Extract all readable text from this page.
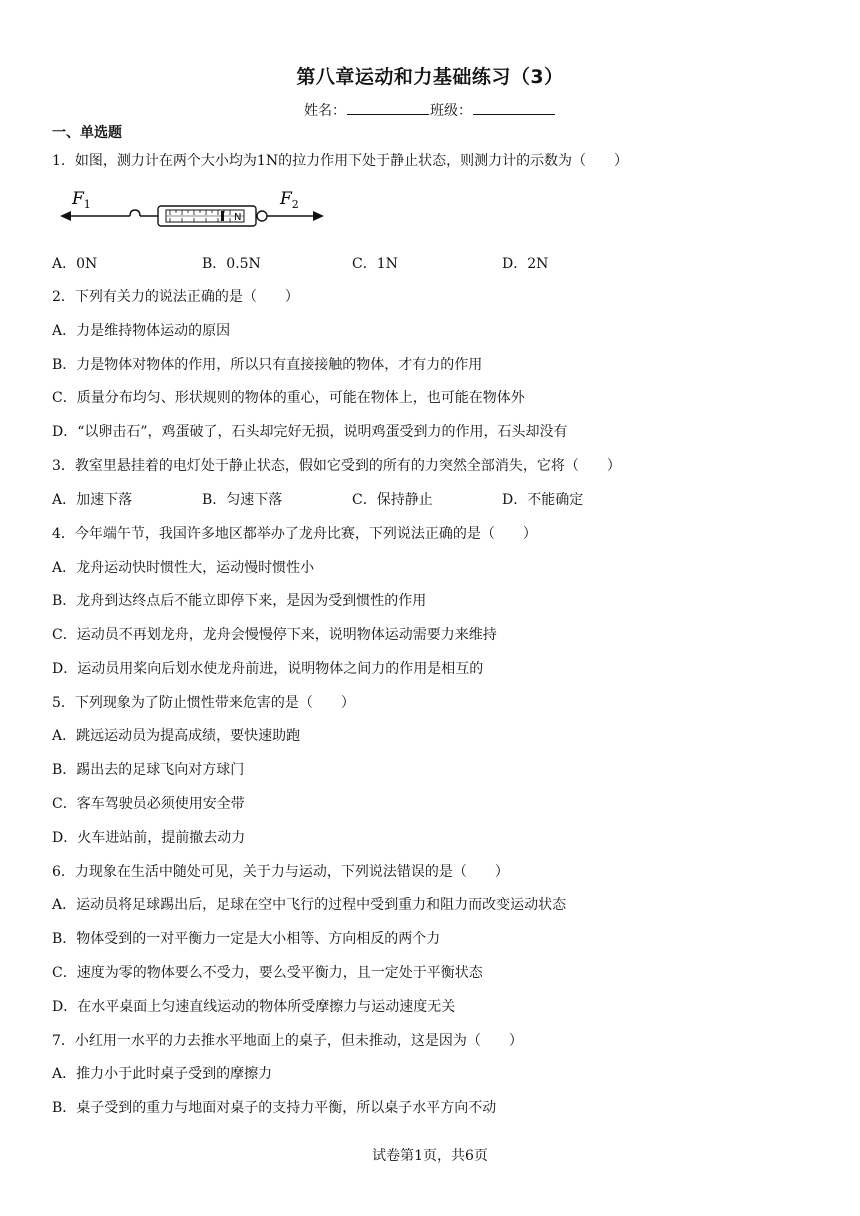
第八章运动和力基础练习（3）
姓名：	班级：
一、单选题
1．如图，测力计在两个大小均为1N的拉力作用下处于静止状态，则测力计的示数为（　　）
N
$F_1$	$F_2$
A．0N	B．0.5N	C．1N	D．2N
2．下列有关力的说法正确的是（　　）
A．力是维持物体运动的原因
B．力是物体对物体的作用，所以只有直接接触的物体，才有力的作用
C．质量分布均匀、形状规则的物体的重心，可能在物体上，也可能在物体外
D．“以卵击石”，鸡蛋破了，石头却完好无损，说明鸡蛋受到力的作用，石头却没有
3．教室里悬挂着的电灯处于静止状态，假如它受到的所有的力突然全部消失，它将（　　）
A．加速下落	B．匀速下落	C．保持静止	D．不能确定
4．今年端午节，我国许多地区都举办了龙舟比赛，下列说法正确的是（　　）
A．龙舟运动快时惯性大，运动慢时惯性小
B．龙舟到达终点后不能立即停下来，是因为受到惯性的作用
C．运动员不再划龙舟，龙舟会慢慢停下来，说明物体运动需要力来维持
D．运动员用桨向后划水使龙舟前进，说明物体之间力的作用是相互的
5．下列现象为了防止惯性带来危害的是（　　）
A．跳远运动员为提高成绩，要快速助跑
B．踢出去的足球飞向对方球门
C．客车驾驶员必须使用安全带
D．火车进站前，提前撤去动力
6．力现象在生活中随处可见，关于力与运动，下列说法错误的是（　　）
A．运动员将足球踢出后，足球在空中飞行的过程中受到重力和阻力而改变运动状态
B．物体受到的一对平衡力一定是大小相等、方向相反的两个力
C．速度为零的物体要么不受力，要么受平衡力，且一定处于平衡状态
D．在水平桌面上匀速直线运动的物体所受摩擦力与运动速度无关
7．小红用一水平的力去推水平地面上的桌子，但未推动，这是因为（　　）
A．推力小于此时桌子受到的摩擦力
B．桌子受到的重力与地面对桌子的支持力平衡，所以桌子水平方向不动
试卷第1页，共6页
